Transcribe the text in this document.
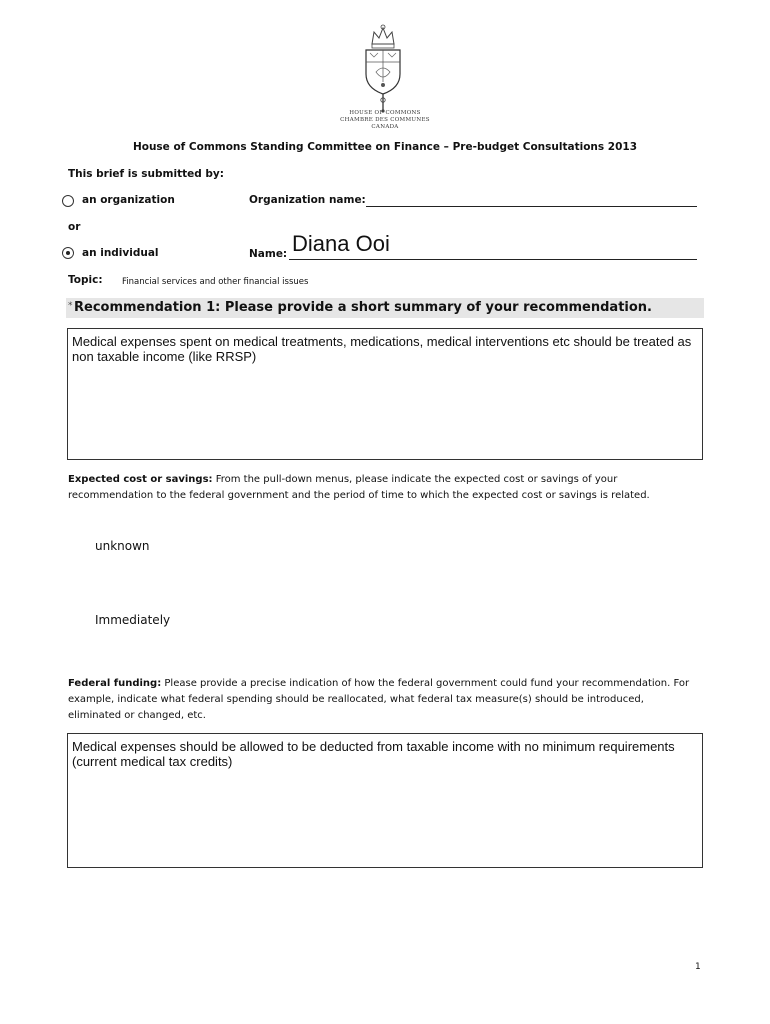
HOUSE OF COMMONS
CHAMBRE DES COMMUNES
CANADA
House of Commons Standing Committee on Finance – Pre-budget Consultations 2013
This brief is submitted by:
an organization	Organization name:
or
an individual	Name: Diana Ooi
Topic: Financial services and other financial issues
* Recommendation 1: Please provide a short summary of your recommendation.
Medical expenses spent on medical treatments, medications, medical interventions etc should be treated as non taxable income (like RRSP)
Expected cost or savings: From the pull-down menus, please indicate the expected cost or savings of your recommendation to the federal government and the period of time to which the expected cost or savings is related.
unknown
Immediately
Federal funding: Please provide a precise indication of how the federal government could fund your recommendation. For example, indicate what federal spending should be reallocated, what federal tax measure(s) should be introduced, eliminated or changed, etc.
Medical expenses should be allowed to be deducted from taxable income with no minimum requirements (current medical tax credits)
1
